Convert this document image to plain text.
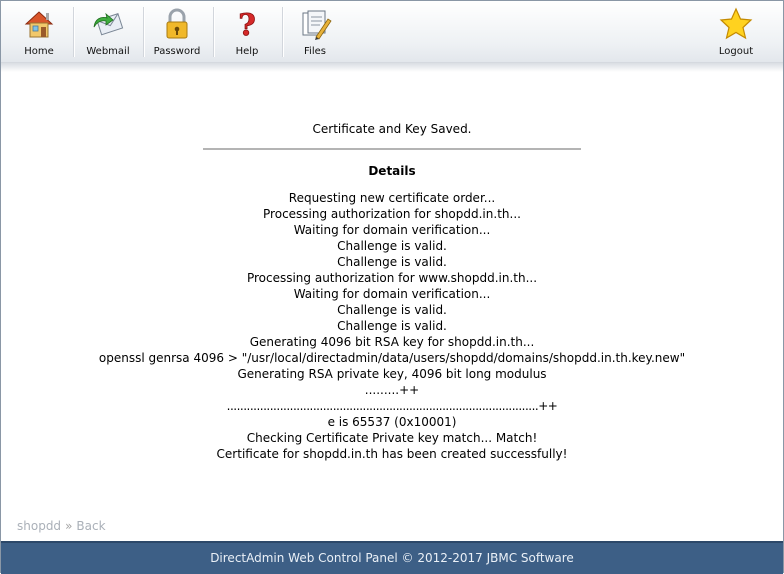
Home	Webmail	Password
?
Help	Files	Logout
Certificate and Key Saved.
Details
Requesting new certificate order...
Processing authorization for shopdd.in.th...
Waiting for domain verification...
Challenge is valid.
Challenge is valid.
Processing authorization for www.shopdd.in.th...
Waiting for domain verification...
Challenge is valid.
Challenge is valid.
Generating 4096 bit RSA key for shopdd.in.th...
openssl genrsa 4096 > "/usr/local/directadmin/data/users/shopdd/domains/shopdd.in.th.key.new"
Generating RSA private key, 4096 bit long modulus
.........++
..............................................................................................++
e is 65537 (0x10001)
Checking Certificate Private key match... Match!
Certificate for shopdd.in.th has been created successfully!
shopdd » Back
DirectAdmin Web Control Panel © 2012-2017 JBMC Software
